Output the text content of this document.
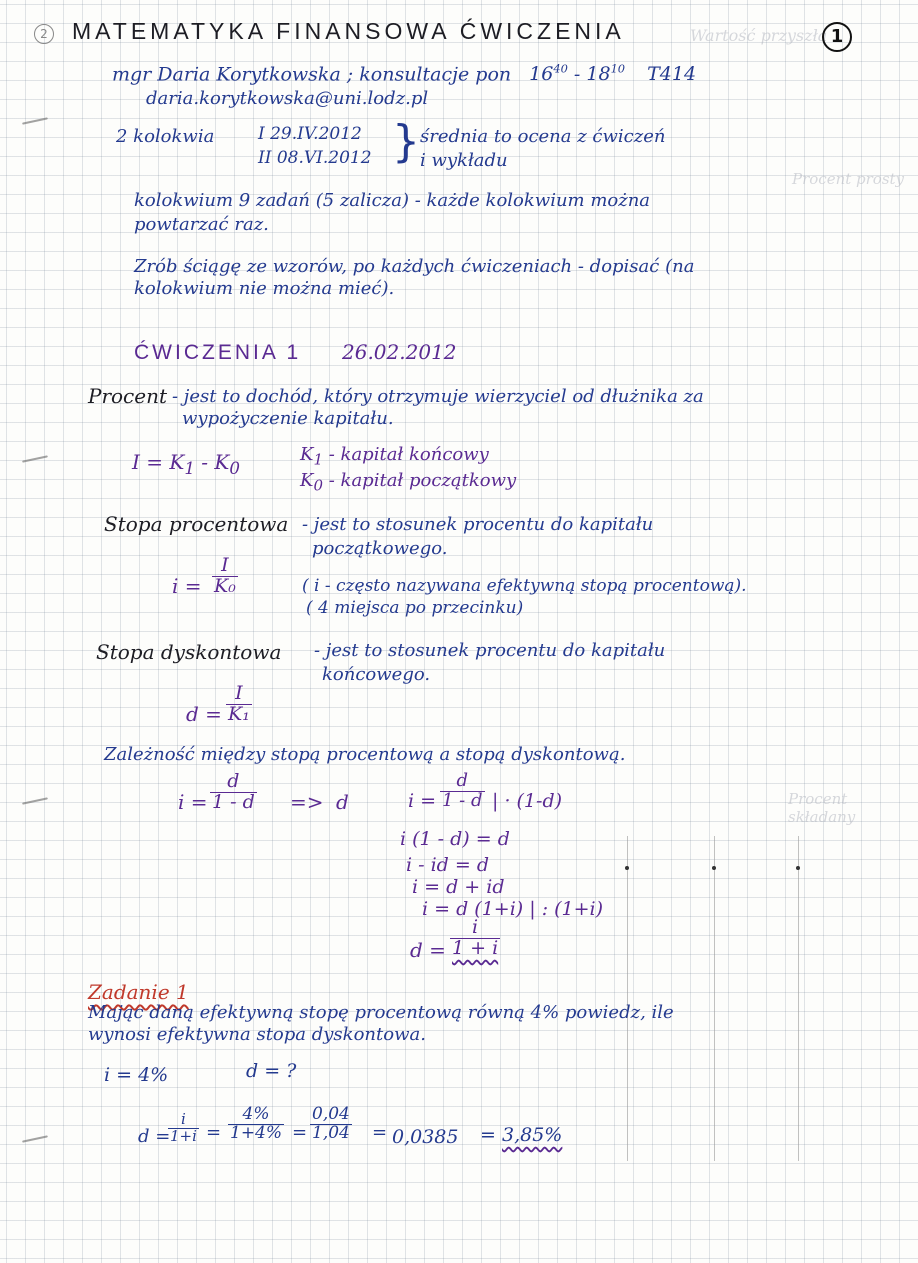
Wartość przyszła
Procent prosty
Procent składany
2 MATEMATYKA FINANSOWA ĆWICZENIA	1
mgr Daria Korytkowska ; konsultacje pon $16^{40} - 18^{10}$ T414
daria.korytkowska@uni.lodz.pl
2 kolokwia	I 29.IV.2012
II 08.VI.2012 } średnia to ocena z ćwiczeń
i wykładu
kolokwium 9 zadań (5 zalicza) - każde kolokwium można
powtarzać raz.
Zrób ściągę ze wzorów, po każdych ćwiczeniach - dopisać (na
kolokwium nie można mieć).
ĆWICZENIA 1 26.02.2012
Procent - jest to dochód, który otrzymuje wierzyciel od dłużnika za
wypożyczenie kapitału.
$I = K_1 - K_0$
$K_1$ - kapitał końcowy
$K_0$ - kapitał początkowy
Stopa procentowa - jest to stosunek procentu do kapitału
początkowego.
$i = \frac{I}{\text{K₀}}$	( i - często nazywana efektywną stopą procentową).
( 4 miejsca po przecinku)
Stopa dyskontowa - jest to stosunek procentu do kapitału
końcowego.
$d = \frac{I}{\text{K₁}}$
Zależność między stopą procentową a stopą dyskontową.
$i = \frac{d}{1 - d} => d$	$i = \frac{d}{1 - d}$ | · (1-d)
i (1 - d) = d
i - id = d
i = d + id
i = d (1+i) | : (1+i)
$d = \frac{i}{1 + i}$
Zadanie 1
Mając daną efektywną stopę procentową równą 4% powiedz, ile
wynosi efektywna stopa dyskontowa.
i = 4%	d = ?
d =
$\frac{i}{1+i} = \frac{4\%}{1+4\%} = \frac{0,04}{1,04} = 0,0385 = 3,85\%$
